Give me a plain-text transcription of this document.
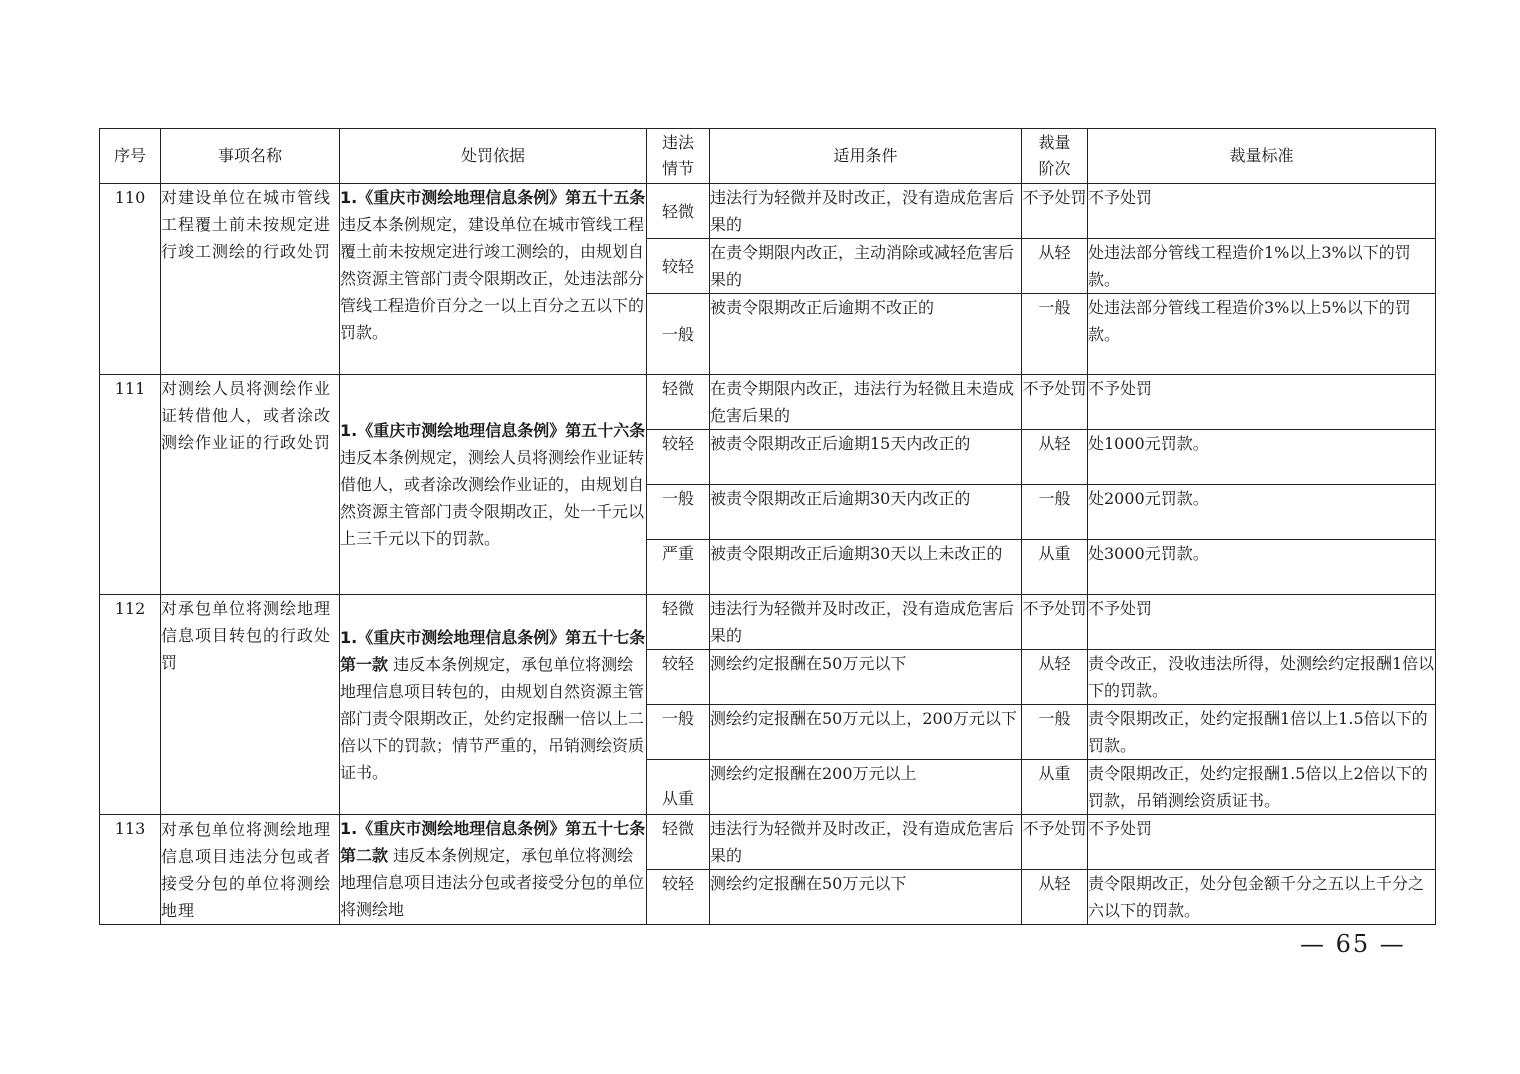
序号	事项名称	处罚依据	违法情节	适用条件	裁量阶次	裁量标准
110	对建设单位在城市管线工程覆土前未按规定进行竣工测绘的行政处罚	1.《重庆市测绘地理信息条例》第五十五条 违反本条例规定，建设单位在城市管线工程覆土前未按规定进行竣工测绘的，由规划自然资源主管部门责令限期改正，处违法部分管线工程造价百分之一以上百分之五以下的罚款。	轻微	违法行为轻微并及时改正，没有造成危害后果的	不予处罚	不予处罚
			较轻	在责令期限内改正，主动消除或减轻危害后果的	从轻	处违法部分管线工程造价1%以上3%以下的罚款。
			一般	被责令限期改正后逾期不改正的	一般	处违法部分管线工程造价3%以上5%以下的罚款。
111	对测绘人员将测绘作业证转借他人，或者涂改测绘作业证的行政处罚	1.《重庆市测绘地理信息条例》第五十六条 违反本条例规定，测绘人员将测绘作业证转借他人，或者涂改测绘作业证的，由规划自然资源主管部门责令限期改正，处一千元以上三千元以下的罚款。	轻微	在责令期限内改正，违法行为轻微且未造成危害后果的	不予处罚	不予处罚
			较轻	被责令限期改正后逾期15天内改正的	从轻	处1000元罚款。
			一般	被责令限期改正后逾期30天内改正的	一般	处2000元罚款。
			严重	被责令限期改正后逾期30天以上未改正的	从重	处3000元罚款。
112	对承包单位将测绘地理信息项目转包的行政处罚	1.《重庆市测绘地理信息条例》第五十七条第一款 违反本条例规定，承包单位将测绘地理信息项目转包的，由规划自然资源主管部门责令限期改正，处约定报酬一倍以上二倍以下的罚款；情节严重的，吊销测绘资质证书。	轻微	违法行为轻微并及时改正，没有造成危害后果的	不予处罚	不予处罚
			较轻	测绘约定报酬在50万元以下	从轻	责令改正，没收违法所得，处测绘约定报酬1倍以下的罚款。
			一般	测绘约定报酬在50万元以上，200万元以下	一般	责令限期改正，处约定报酬1倍以上1.5倍以下的罚款。
			从重	测绘约定报酬在200万元以上	从重	责令限期改正，处约定报酬1.5倍以上2倍以下的罚款，吊销测绘资质证书。
113	对承包单位将测绘地理信息项目违法分包或者接受分包的单位将测绘地理	1.《重庆市测绘地理信息条例》第五十七条第二款 违反本条例规定，承包单位将测绘地理信息项目违法分包或者接受分包的单位将测绘地	轻微	违法行为轻微并及时改正，没有造成危害后果的	不予处罚	不予处罚
			较轻	测绘约定报酬在50万元以下	从轻	责令限期改正，处分包金额千分之五以上千分之六以下的罚款。
— 65 —
